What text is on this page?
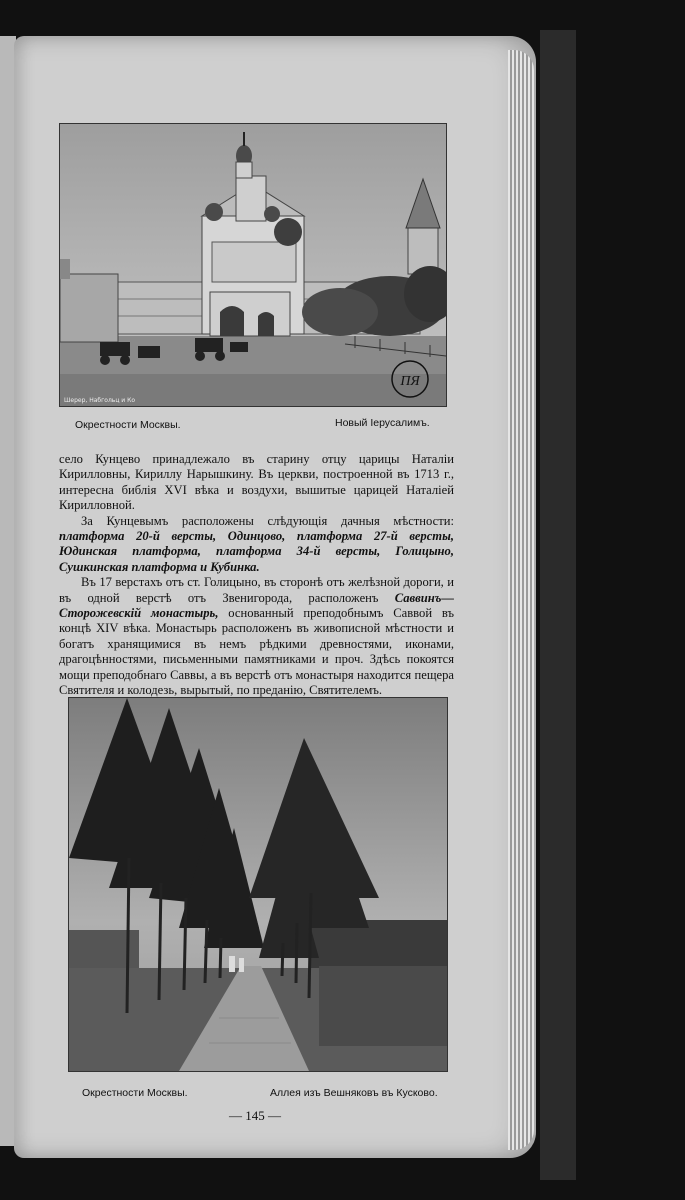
ПЯ
Шерер, Набгольц и Ко
Окрестности Москвы.	Новый Іерусалимъ.

село Кунцево принадлежало въ старину отцу царицы Наталіи Кирилловны, Кириллу Нарышкину. Въ церкви, построенной въ 1713 г., интересна библія XVI вѣка и воздухи, вышитые царицей Наталіей Кирилловной.

За Кунцевымъ расположены слѣдующія дачныя мѣстности: платформа 20-й версты, Одинцово, платформа 27-й версты, Юдинская платформа, платформа 34-й версты, Голицыно, Сушкинская платформа и Кубинка.

Въ 17 верстахъ отъ ст. Голицыно, въ сторонѣ отъ желѣзной дороги, и въ одной верстѣ отъ Звенигорода, расположенъ Саввинъ—Сторожевскій монастырь, основанный преподобнымъ Саввой въ концѣ XIV вѣка. Монастырь расположенъ въ живописной мѣстности и богатъ хранящимися въ немъ рѣдкими древностями, иконами, драгоцѣнностями, письменными памятниками и проч. Здѣсь покоятся мощи преподобнаго Саввы, а въ верстѣ отъ монастыря находится пещера Святителя и колодезь, вырытый, по преданію, Святителемъ.

Окрестности Москвы.	Аллея изъ Вешняковъ въ Кусково.
— 145 —
